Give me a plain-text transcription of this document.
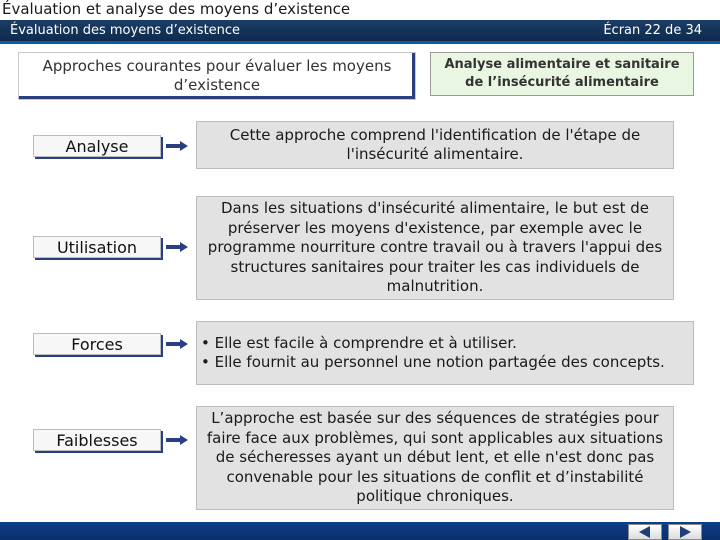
Évaluation et analyse des moyens d’existence
Évaluation des moyens d’existence	Écran 22 de 34
Approches courantes pour évaluer les moyens d’existence
Analyse alimentaire et sanitaire de l’insécurité alimentaire
Analyse
Cette approche comprend l'identification de l'étape de l'insécurité alimentaire.
Utilisation
Dans les situations d'insécurité alimentaire, le but est de préserver les moyens d'existence, par exemple avec le programme nourriture contre travail ou à travers l'appui des structures sanitaires pour traiter les cas individuels de malnutrition.
Forces	• Elle est facile à comprendre et à utiliser.
• Elle fournit au personnel une notion partagée des concepts.
Faiblesses
L’approche est basée sur des séquences de stratégies pour faire face aux problèmes, qui sont applicables aux situations de sécheresses ayant un début lent, et elle n'est donc pas convenable pour les situations de conflit et d’instabilité politique chroniques.
